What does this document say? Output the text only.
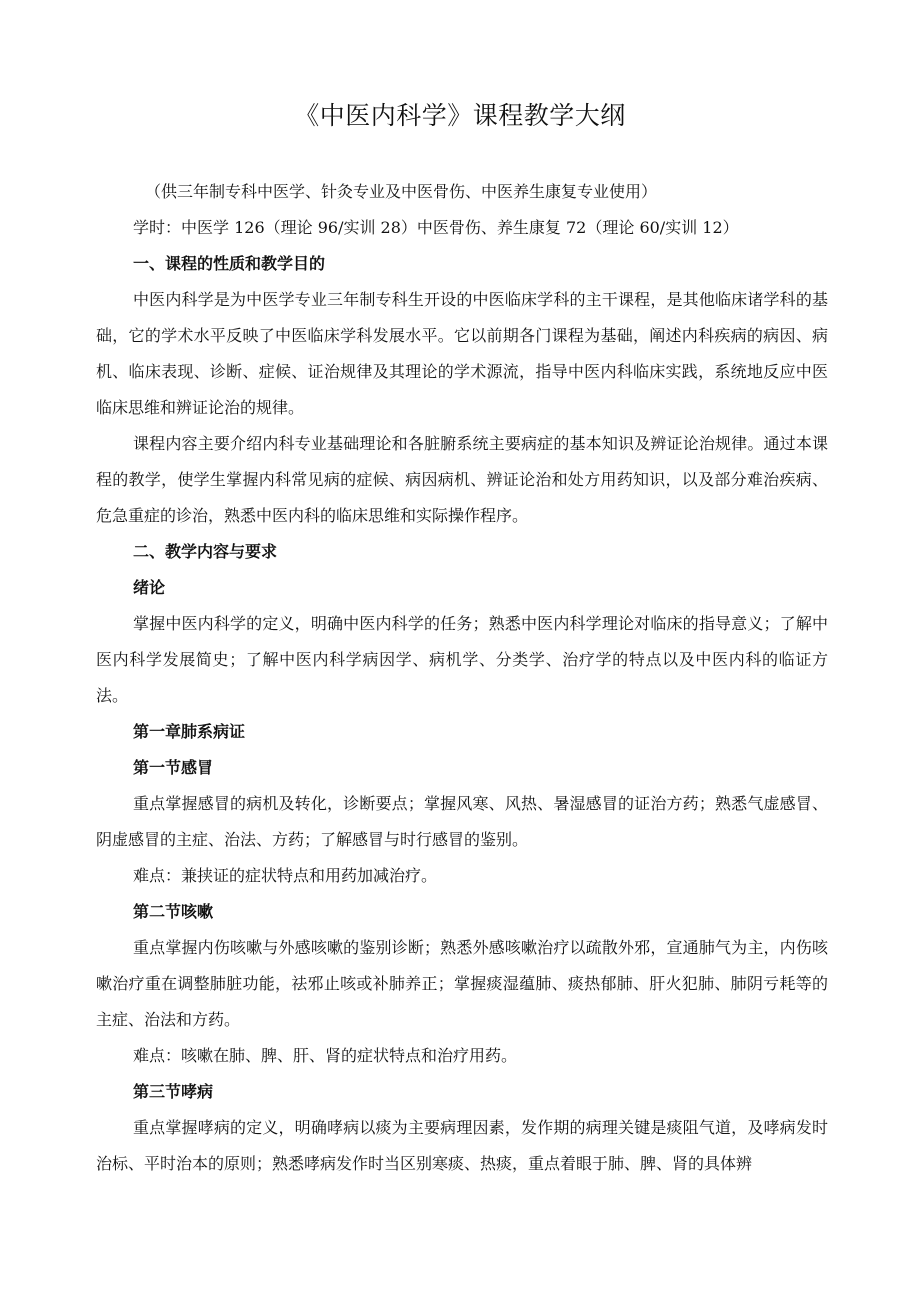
《中医内科学》课程教学大纲
（供三年制专科中医学、针灸专业及中医骨伤、中医养生康复专业使用）
学时：中医学 126（理论 96/实训 28）中医骨伤、养生康复 72（理论 60/实训 12）
一、课程的性质和教学目的
中医内科学是为中医学专业三年制专科生开设的中医临床学科的主干课程，是其他临床诸学科的基础，它的学术水平反映了中医临床学科发展水平。它以前期各门课程为基础，阐述内科疾病的病因、病机、临床表现、诊断、症候、证治规律及其理论的学术源流，指导中医内科临床实践，系统地反应中医临床思维和辨证论治的规律。
课程内容主要介绍内科专业基础理论和各脏腑系统主要病症的基本知识及辨证论治规律。通过本课程的教学，使学生掌握内科常见病的症候、病因病机、辨证论治和处方用药知识，以及部分难治疾病、危急重症的诊治，熟悉中医内科的临床思维和实际操作程序。
二、教学内容与要求
绪论
掌握中医内科学的定义，明确中医内科学的任务；熟悉中医内科学理论对临床的指导意义；了解中医内科学发展简史；了解中医内科学病因学、病机学、分类学、治疗学的特点以及中医内科的临证方法。
第一章肺系病证
第一节感冒
重点掌握感冒的病机及转化，诊断要点；掌握风寒、风热、暑湿感冒的证治方药；熟悉气虚感冒、阴虚感冒的主症、治法、方药；了解感冒与时行感冒的鉴别。
难点：兼挟证的症状特点和用药加减治疗。
第二节咳嗽
重点掌握内伤咳嗽与外感咳嗽的鉴别诊断；熟悉外感咳嗽治疗以疏散外邪，宣通肺气为主，内伤咳嗽治疗重在调整肺脏功能，祛邪止咳或补肺养正；掌握痰湿蕴肺、痰热郁肺、肝火犯肺、肺阴亏耗等的主症、治法和方药。
难点：咳嗽在肺、脾、肝、肾的症状特点和治疗用药。
第三节哮病
重点掌握哮病的定义，明确哮病以痰为主要病理因素，发作期的病理关键是痰阻气道，及哮病发时治标、平时治本的原则；熟悉哮病发作时当区别寒痰、热痰，重点着眼于肺、脾、肾的具体辨
